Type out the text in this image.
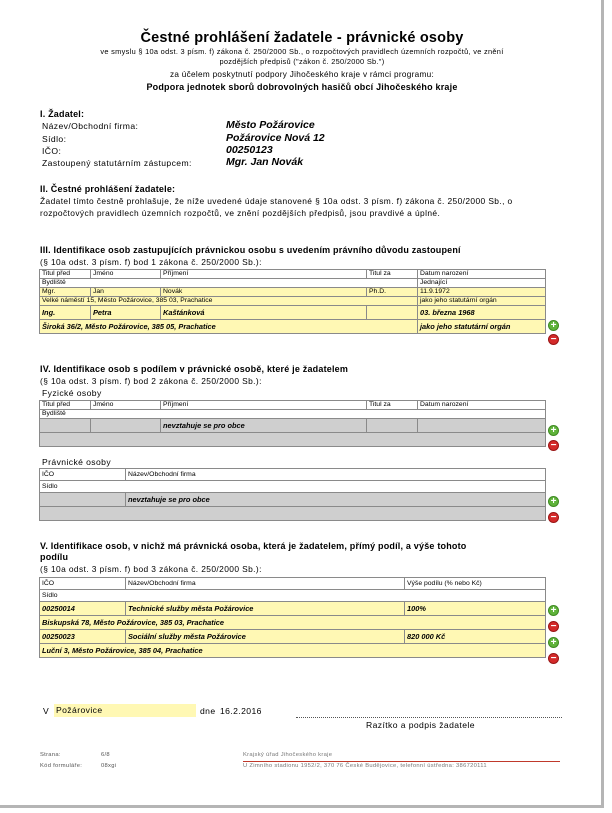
Čestné prohlášení žadatele - právnické osoby
ve smyslu § 10a odst. 3 písm. f) zákona č. 250/2000 Sb., o rozpočtových pravidlech územních rozpočtů, ve znění
pozdějších předpisů ("zákon č. 250/2000 Sb.")
za účelem poskytnutí podpory Jihočeského kraje v rámci programu:
Podpora jednotek sborů dobrovolných hasičů obcí Jihočeského kraje
I. Žadatel:
Název/Obchodní firma:	Město Požárovice
Sídlo:	Požárovice Nová 12
IČO:	00250123
Zastoupený statutárním zástupcem:	Mgr. Jan Novák
II. Čestné prohlášení žadatele:
Žadatel tímto čestně prohlašuje, že níže uvedené údaje stanovené § 10a odst. 3 písm. f) zákona č. 250/2000 Sb., o rozpočtových pravidlech územních rozpočtů, ve znění pozdějších předpisů, jsou pravdivé a úplné.
III. Identifikace osob zastupujících právnickou osobu s uvedením právního důvodu zastoupení
(§ 10a odst. 3 písm. f) bod 1 zákona č. 250/2000 Sb.):
Titul před	Jméno	Příjmení	Titul za	Datum narození
Bydliště				Jednající
Mgr.	Jan	Novák	Ph.D.	11.9.1972
Velké náměstí 15, Město Požárovice, 385 03, Prachatice				jako jeho statutární orgán
Ing.	Petra	Kaštánková		03. března 1968
Široká 36/2, Město Požárovice, 385 05, Prachatice				jako jeho statutární orgán	+
−
IV. Identifikace osob s podílem v právnické osobě, které je žadatelem
(§ 10a odst. 3 písm. f) bod 2 zákona č. 250/2000 Sb.):
Fyzické osoby
Titul před	Jméno	Příjmení	Titul za	Datum narození
Bydliště				
		nevztahuje se pro obce			+
−
Právnické osoby
IČO	Název/Obchodní firma
Sídlo	
	nevztahuje se pro obce	+
−
V. Identifikace osob, v nichž má právnická osoba, která je žadatelem, přímý podíl, a výše tohoto
podílu
(§ 10a odst. 3 písm. f) bod 3 zákona č. 250/2000 Sb.):
IČO	Název/Obchodní firma	Výše podílu (% nebo Kč)
Sídlo		
00250014	Technické služby města Požárovice	100%
Biskupská 78, Město Požárovice, 385 03, Prachatice		
00250023	Sociální služby města Požárovice	820 000 Kč
Luční 3, Město Požárovice, 385 04, Prachatice		
+
−
+
−
V Požárovice	dne 16.2.2016
Razítko a podpis žadatele
Strana:	6/8
Kód formuláře:	08xgi
Krajský úřad Jihočeského kraje
U Zimního stadionu 1952/2, 370 76 České Budějovice, telefonní ústředna: 386720111
